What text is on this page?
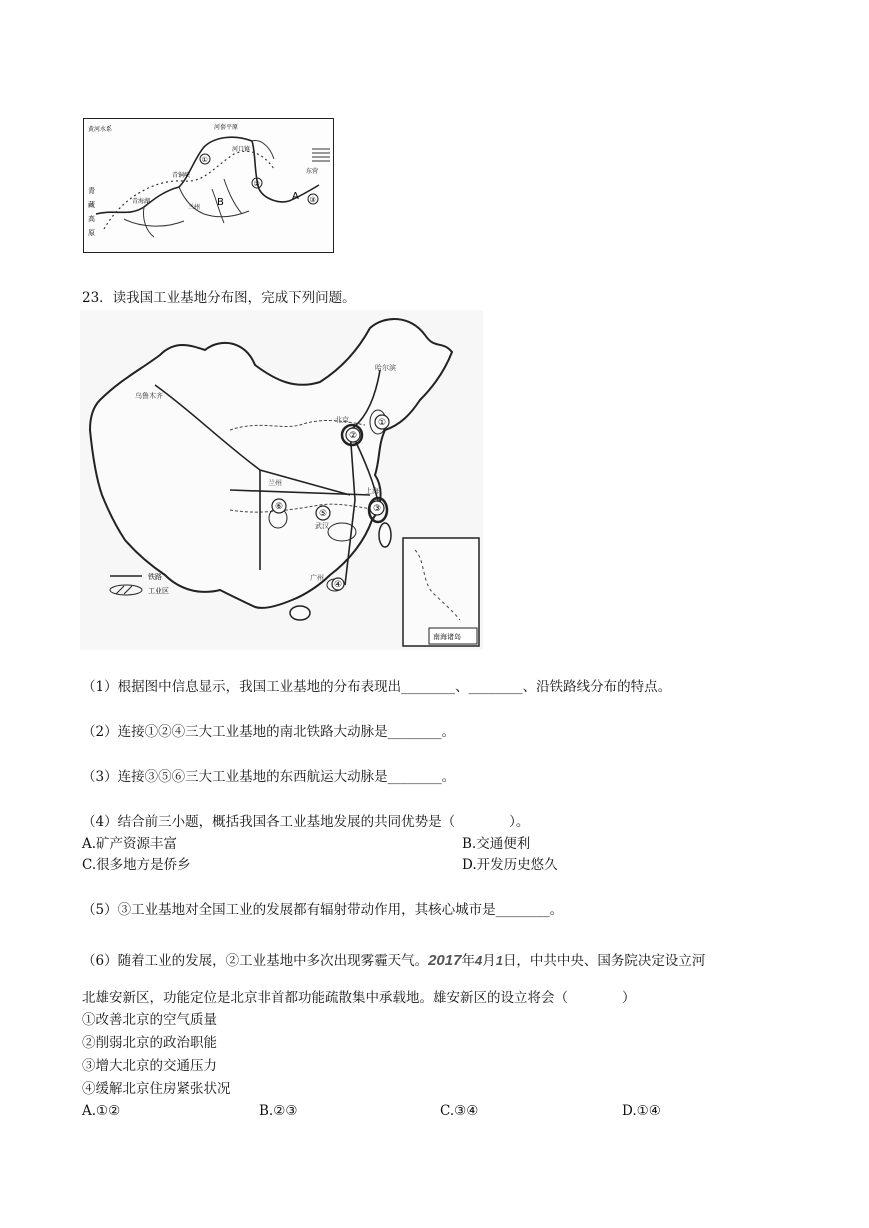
黄河水系	河套平原
河口镇
青铜峡
青海湖
兰州
东营
青
藏
高
原
A
B
①
②
③
23．读我国工业基地分布图，完成下列问题。
①
②
③
④
⑤
⑥
哈尔滨
乌鲁木齐
北京
兰州
上海
武汉
广州
铁路
工业区
南海诸岛
（1）根据图中信息显示，我国工业基地的分布表现出________、________、沿铁路线分布的特点。
（2）连接①②④三大工业基地的南北铁路大动脉是________。
（3）连接③⑤⑥三大工业基地的东西航运大动脉是________。
（4）结合前三小题，概括我国各工业基地发展的共同优势是（　　　　）。
A.矿产资源丰富	B.交通便利
C.很多地方是侨乡	D.开发历史悠久
（5）③工业基地对全国工业的发展都有辐射带动作用，其核心城市是________。
（6）随着工业的发展，②工业基地中多次出现雾霾天气。2017年4月1日，中共中央、国务院决定设立河
北雄安新区，功能定位是北京非首都功能疏散集中承载地。雄安新区的设立将会（　　　　）
①改善北京的空气质量
②削弱北京的政治职能
③增大北京的交通压力
④缓解北京住房紧张状况
A.①②	B.②③	C.③④	D.①④
